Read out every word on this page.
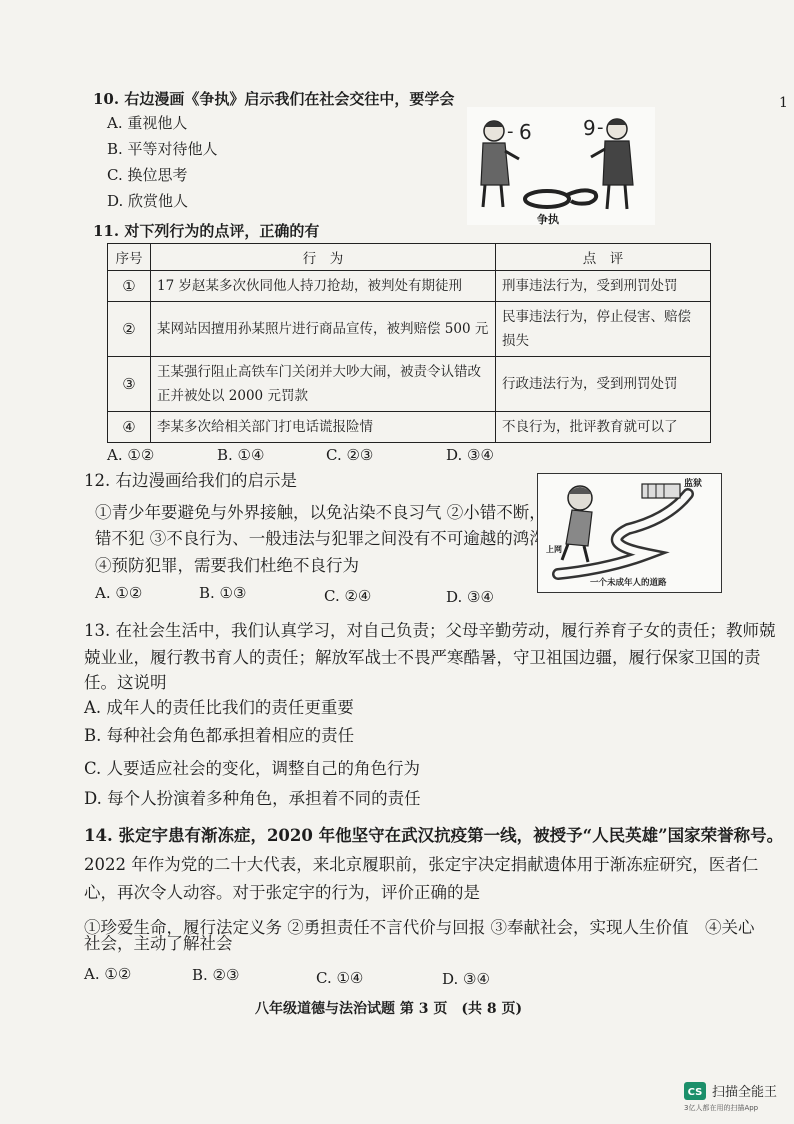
1
10. 右边漫画《争执》启示我们在社会交往中，要学会
A. 重视他人
B. 平等对待他人
C. 换位思考
D. 欣赏他人
- 6	9 -
争执
11. 对下列行为的点评，正确的有
序号	行　为	点　评
①	17 岁赵某多次伙同他人持刀抢劫，被判处有期徒刑	刑事违法行为，受到刑罚处罚
②	某网站因擅用孙某照片进行商品宣传，被判赔偿 500 元	民事违法行为，停止侵害、赔偿损失
③	王某强行阻止高铁车门关闭并大吵大闹，被责令认错改正并被处以 2000 元罚款	行政违法行为，受到刑罚处罚
④	李某多次给相关部门打电话谎报险情	不良行为，批评教育就可以了
A. ①②	B. ①④	C. ②③	D. ③④
12. 右边漫画给我们的启示是
①青少年要避免与外界接触，以免沾染不良习气 ②小错不断，大
错不犯 ③不良行为、一般违法与犯罪之间没有不可逾越的鸿沟
④预防犯罪，需要我们杜绝不良行为
A. ①②	B. ①③	C. ②④	D. ③④
监狱
上网
一个未成年人的道路
13. 在社会生活中，我们认真学习，对自己负责；父母辛勤劳动，履行养育子女的责任；教师兢
兢业业，履行教书育人的责任；解放军战士不畏严寒酷暑，守卫祖国边疆，履行保家卫国的责
任。这说明
A. 成年人的责任比我们的责任更重要
B. 每种社会角色都承担着相应的责任
C. 人要适应社会的变化，调整自己的角色行为
D. 每个人扮演着多种角色，承担着不同的责任
14. 张定宇患有渐冻症，2020 年他坚守在武汉抗疫第一线，被授予“人民英雄”国家荣誉称号。
2022 年作为党的二十大代表，来北京履职前，张定宇决定捐献遗体用于渐冻症研究，医者仁
心，再次令人动容。对于张定宇的行为，评价正确的是
①珍爱生命，履行法定义务 ②勇担责任不言代价与回报 ③奉献社会，实现人生价值　④关心
社会，主动了解社会
A. ①②	B. ②③	C. ①④	D. ③④
八年级道德与法治试题 第 3 页　(共 8 页)
CS 扫描全能王
3亿人都在用的扫描App
